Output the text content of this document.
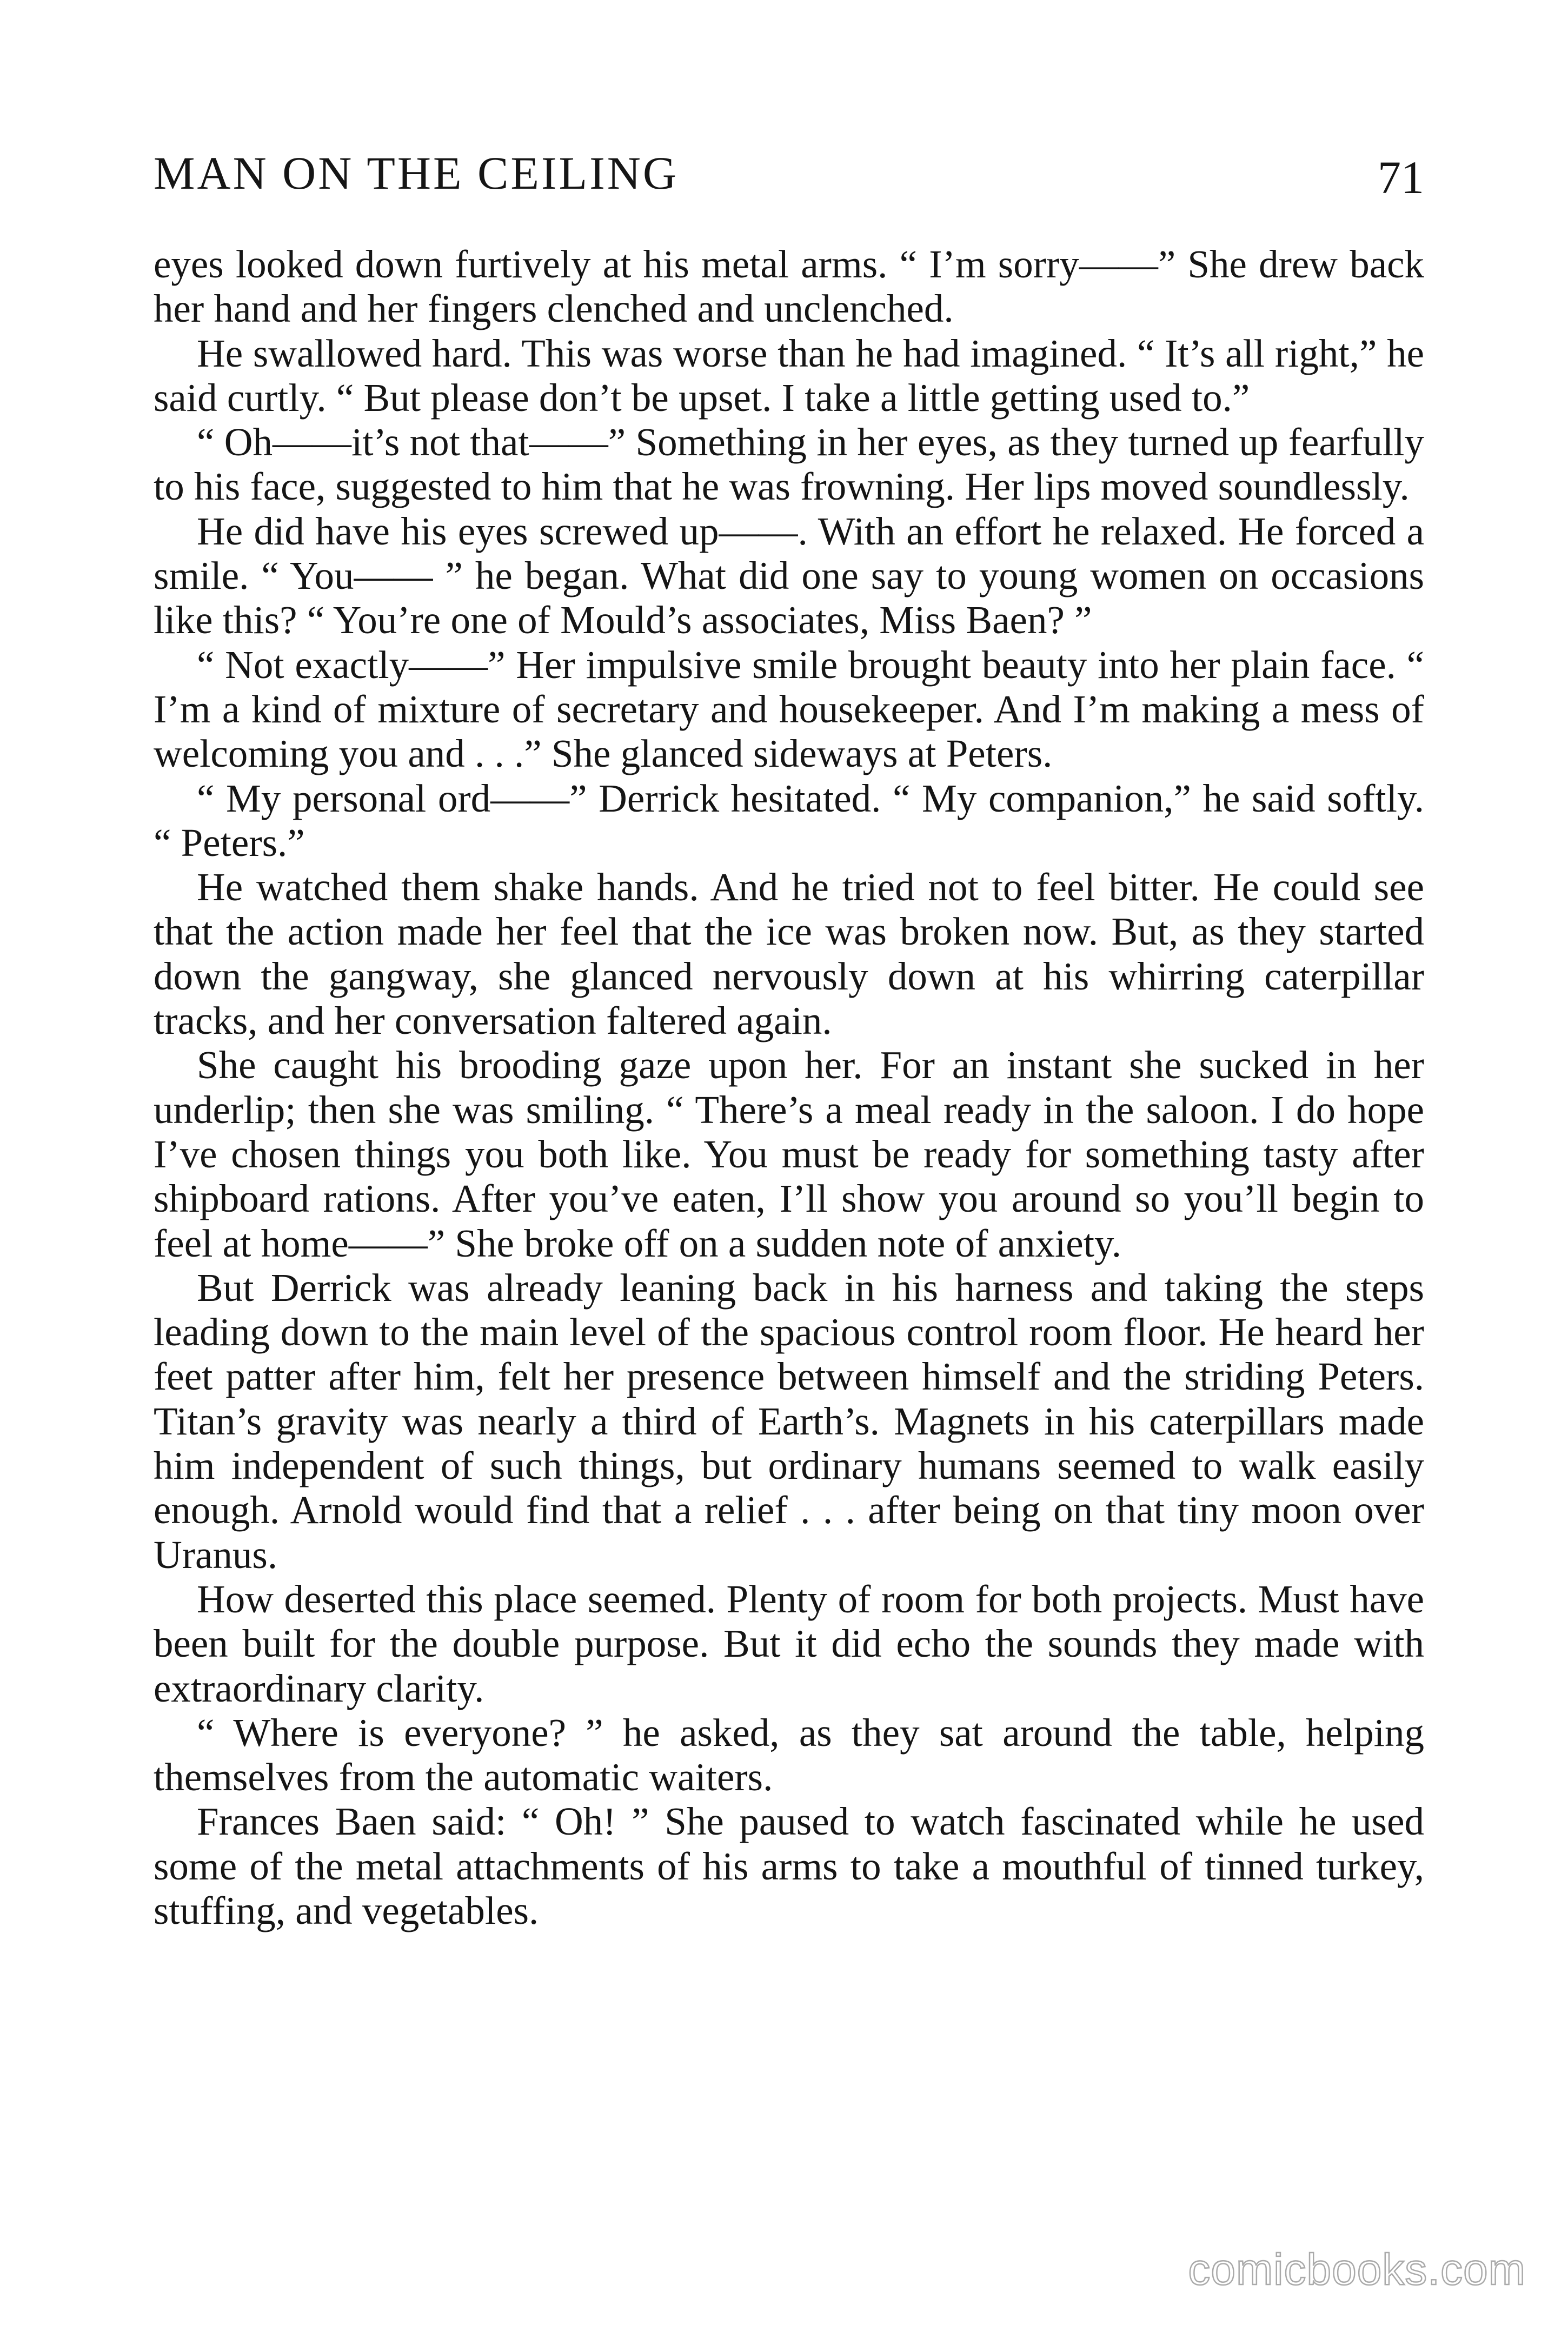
MAN ON THE CEILING	71

eyes looked down furtively at his metal arms. “ I’m sorry——” She drew back her hand and her fingers clenched and unclenched.

He swallowed hard. This was worse than he had imagined. “ It’s all right,” he said curtly. “ But please don’t be upset. I take a little getting used to.”

“ Oh——it’s not that——” Something in her eyes, as they turned up fearfully to his face, suggested to him that he was frowning. Her lips moved soundlessly.

He did have his eyes screwed up——. With an effort he relaxed. He forced a smile. “ You—— ” he began. What did one say to young women on occasions like this? “ You’re one of Mould’s associates, Miss Baen? ”

“ Not exactly——” Her impulsive smile brought beauty into her plain face. “ I’m a kind of mixture of secretary and housekeeper. And I’m making a mess of welcoming you and . . .” She glanced sideways at Peters.

“ My personal ord——” Derrick hesitated. “ My companion,” he said softly. “ Peters.”

He watched them shake hands. And he tried not to feel bitter. He could see that the action made her feel that the ice was broken now. But, as they started down the gangway, she glanced nervously down at his whirring caterpillar tracks, and her conversation faltered again.

She caught his brooding gaze upon her. For an instant she sucked in her underlip; then she was smiling. “ There’s a meal ready in the saloon. I do hope I’ve chosen things you both like. You must be ready for something tasty after shipboard rations. After you’ve eaten, I’ll show you around so you’ll begin to feel at home——” She broke off on a sudden note of anxiety.

But Derrick was already leaning back in his harness and taking the steps leading down to the main level of the spacious control room floor. He heard her feet patter after him, felt her presence between himself and the striding Peters. Titan’s gravity was nearly a third of Earth’s. Magnets in his caterpillars made him independent of such things, but ordinary humans seemed to walk easily enough. Arnold would find that a relief . . . after being on that tiny moon over Uranus.

How deserted this place seemed. Plenty of room for both projects. Must have been built for the double purpose. But it did echo the sounds they made with extraordinary clarity.

“ Where is everyone? ” he asked, as they sat around the table, helping themselves from the automatic waiters.

Frances Baen said: “ Oh! ” She paused to watch fascinated while he used some of the metal attachments of his arms to take a mouthful of tinned turkey, stuffing, and vegetables.

comicbooks.com
